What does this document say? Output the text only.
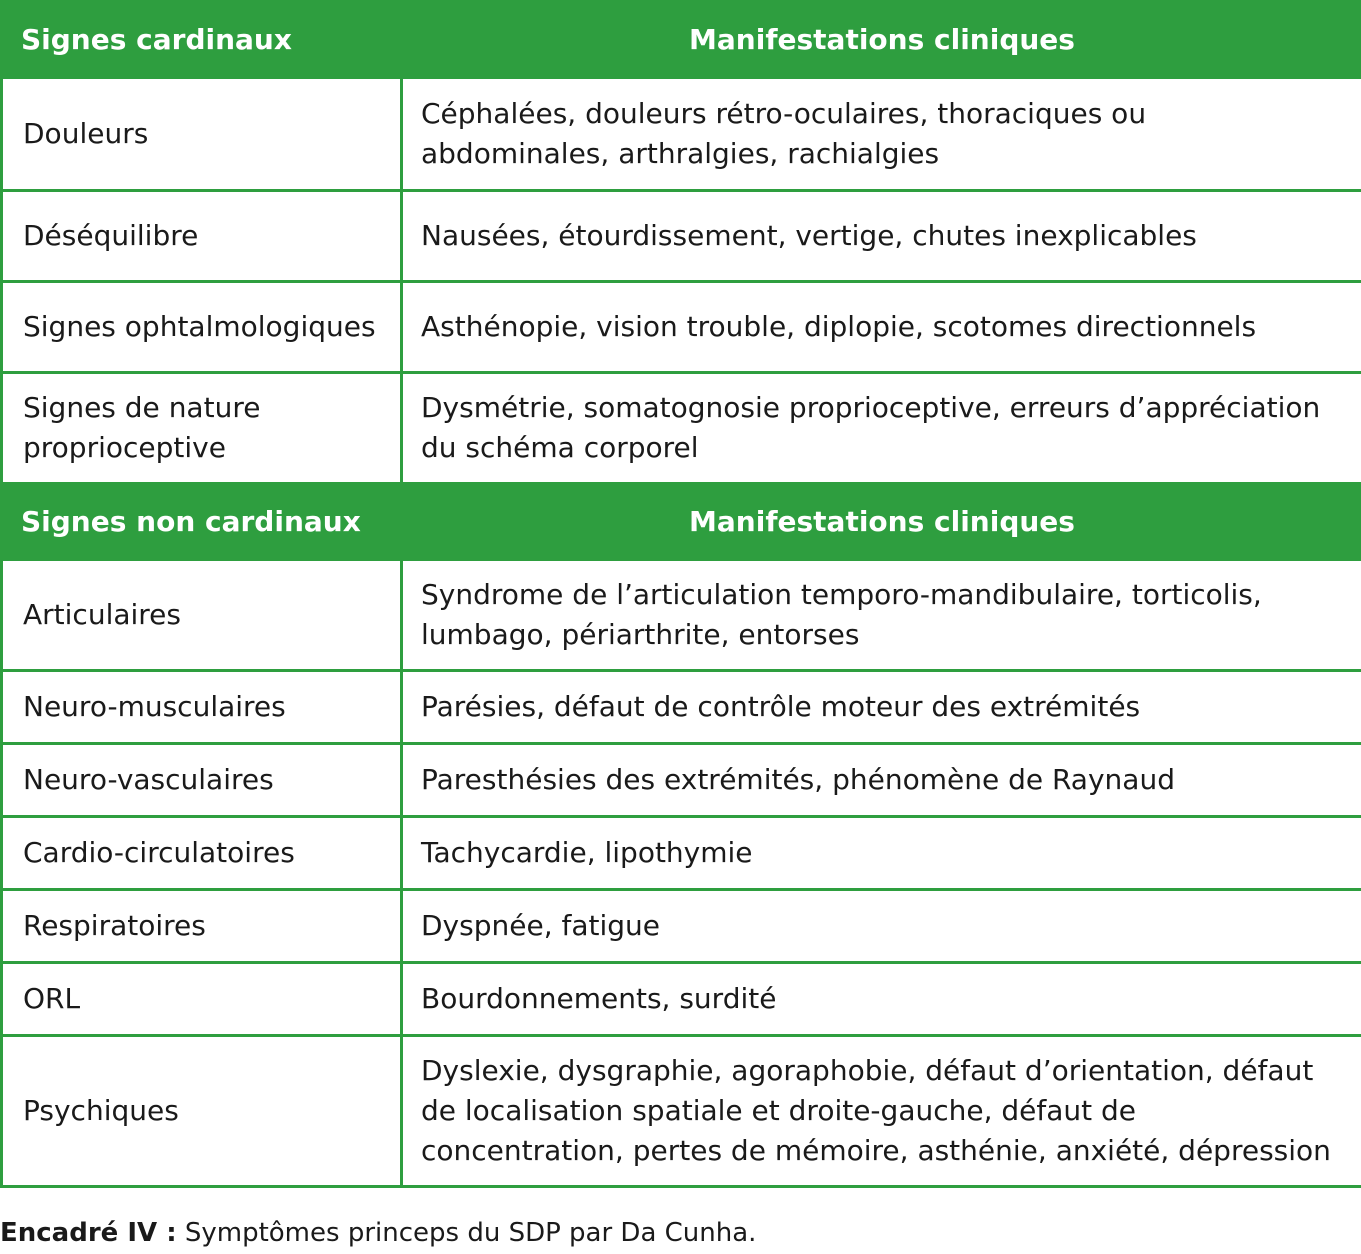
Signes cardinaux	Manifestations cliniques
Douleurs	Céphalées, douleurs rétro-oculaires, thoraciques ou abdominales, arthralgies, rachialgies
Déséquilibre	Nausées, étourdissement, vertige, chutes inexplicables
Signes ophtalmologiques	Asthénopie, vision trouble, diplopie, scotomes directionnels
Signes de nature proprioceptive	Dysmétrie, somatognosie proprioceptive, erreurs d’appréciation du schéma corporel
Signes non cardinaux	Manifestations cliniques
Articulaires	Syndrome de l’articulation temporo-mandibulaire, torticolis, lumbago, périarthrite, entorses
Neuro-musculaires	Parésies, défaut de contrôle moteur des extrémités
Neuro-vasculaires	Paresthésies des extrémités, phénomène de Raynaud
Cardio-circulatoires	Tachycardie, lipothymie
Respiratoires	Dyspnée, fatigue
ORL	Bourdonnements, surdité
Psychiques	Dyslexie, dysgraphie, agoraphobie, défaut d’orientation, défaut de localisation spatiale et droite-gauche, défaut de concentration, pertes de mémoire, asthénie, anxiété, dépression
Encadré IV : Symptômes princeps du SDP par Da Cunha.
